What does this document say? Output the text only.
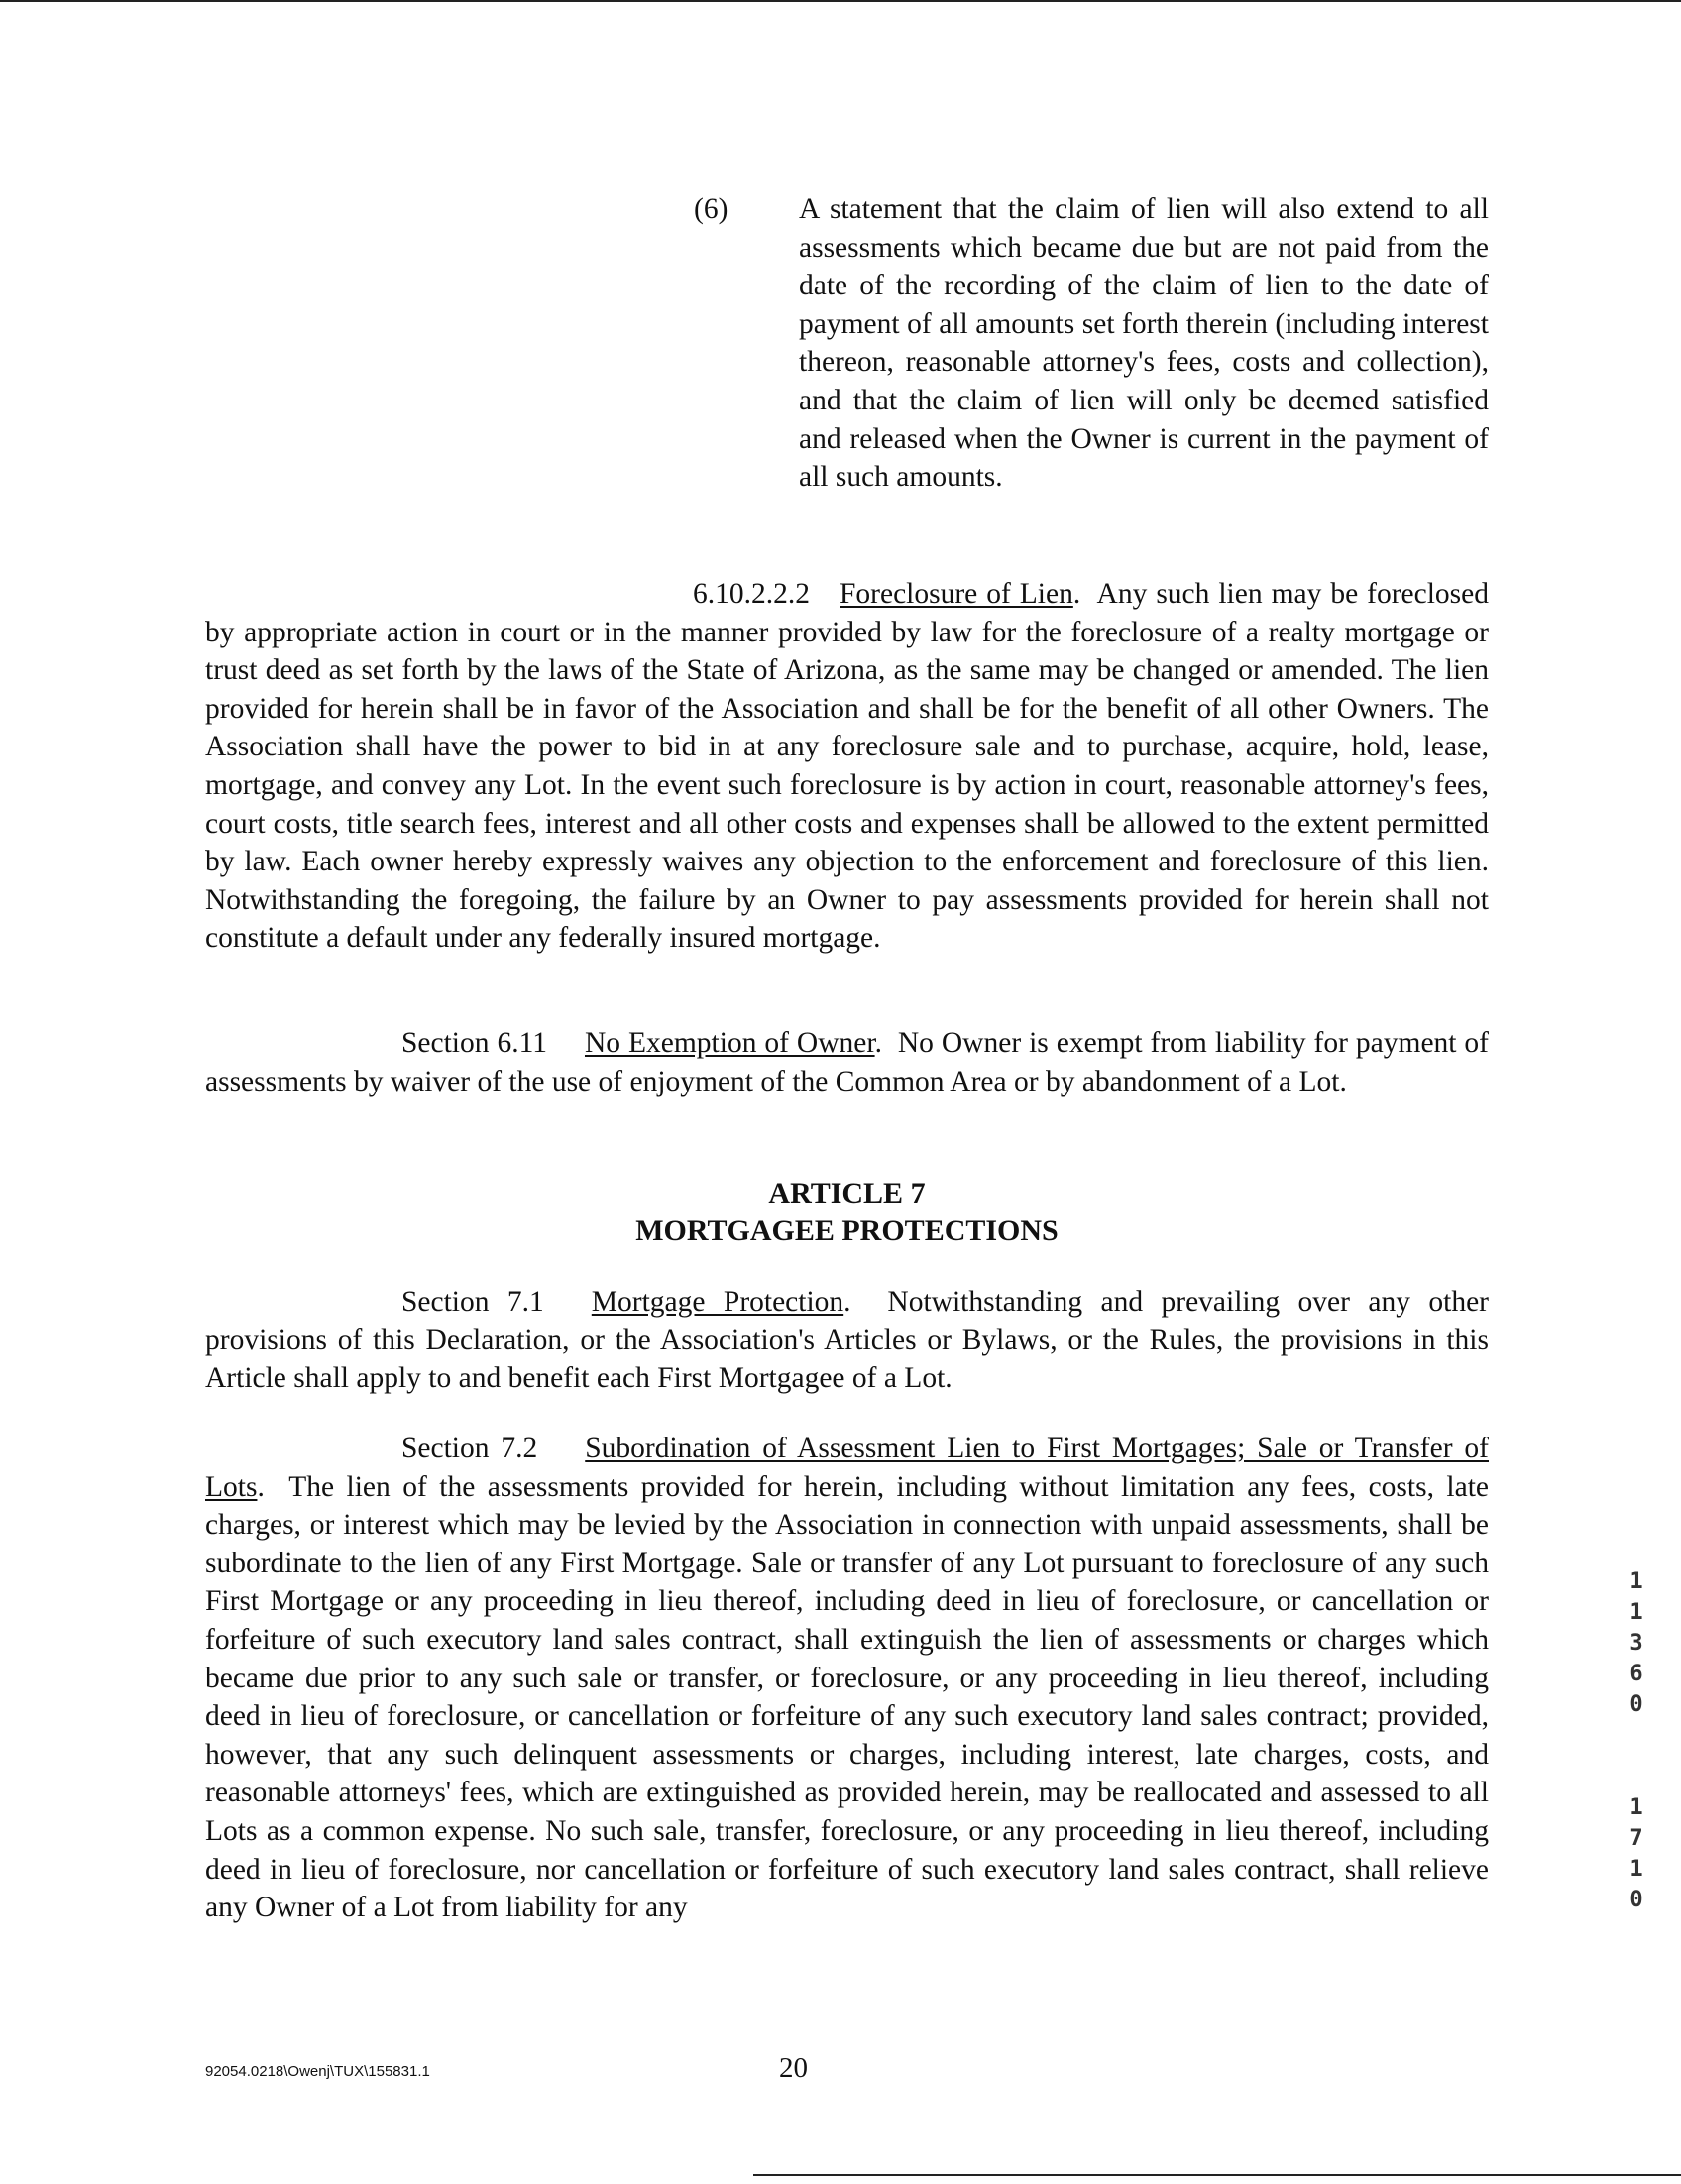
(6) A statement that the claim of lien will also extend to all assessments which became due but are not paid from the date of the recording of the claim of lien to the date of payment of all amounts set forth therein (including interest thereon, reasonable attorney's fees, costs and collection), and that the claim of lien will only be deemed satisfied and released when the Owner is current in the payment of all such amounts.
6.10.2.2.2 Foreclosure of Lien.  Any such lien may be foreclosed by appropriate action in court or in the manner provided by law for the foreclosure of a realty mortgage or trust deed as set forth by the laws of the State of Arizona, as the same may be changed or amended. The lien provided for herein shall be in favor of the Association and shall be for the benefit of all other Owners. The Association shall have the power to bid in at any foreclosure sale and to purchase, acquire, hold, lease, mortgage, and convey any Lot. In the event such foreclosure is by action in court, reasonable attorney's fees, court costs, title search fees, interest and all other costs and expenses shall be allowed to the extent permitted by law. Each owner hereby expressly waives any objection to the enforcement and foreclosure of this lien. Notwithstanding the foregoing, the failure by an Owner to pay assessments provided for herein shall not constitute a default under any federally insured mortgage.
Section 6.11 No Exemption of Owner.  No Owner is exempt from liability for payment of assessments by waiver of the use of enjoyment of the Common Area or by abandonment of a Lot.
ARTICLE 7
MORTGAGEE PROTECTIONS
Section 7.1 Mortgage Protection.  Notwithstanding and prevailing over any other provisions of this Declaration, or the Association's Articles or Bylaws, or the Rules, the provisions in this Article shall apply to and benefit each First Mortgagee of a Lot.
Section 7.2 Subordination of Assessment Lien to First Mortgages; Sale or Transfer of Lots.  The lien of the assessments provided for herein, including without limitation any fees, costs, late charges, or interest which may be levied by the Association in connection with unpaid assessments, shall be subordinate to the lien of any First Mortgage. Sale or transfer of any Lot pursuant to foreclosure of any such First Mortgage or any proceeding in lieu thereof, including deed in lieu of foreclosure, or cancellation or forfeiture of such executory land sales contract, shall extinguish the lien of assessments or charges which became due prior to any such sale or transfer, or foreclosure, or any proceeding in lieu thereof, including deed in lieu of foreclosure, or cancellation or forfeiture of any such executory land sales contract; provided, however, that any such delinquent assessments or charges, including interest, late charges, costs, and reasonable attorneys' fees, which are extinguished as provided herein, may be reallocated and assessed to all Lots as a common expense. No such sale, transfer, foreclosure, or any proceeding in lieu thereof, including deed in lieu of foreclosure, nor cancellation or forfeiture of such executory land sales contract, shall relieve any Owner of a Lot from liability for any
92054.0218\Owenj\TUX\155831.1	20
1
1
3
6
0
1
7
1
0
